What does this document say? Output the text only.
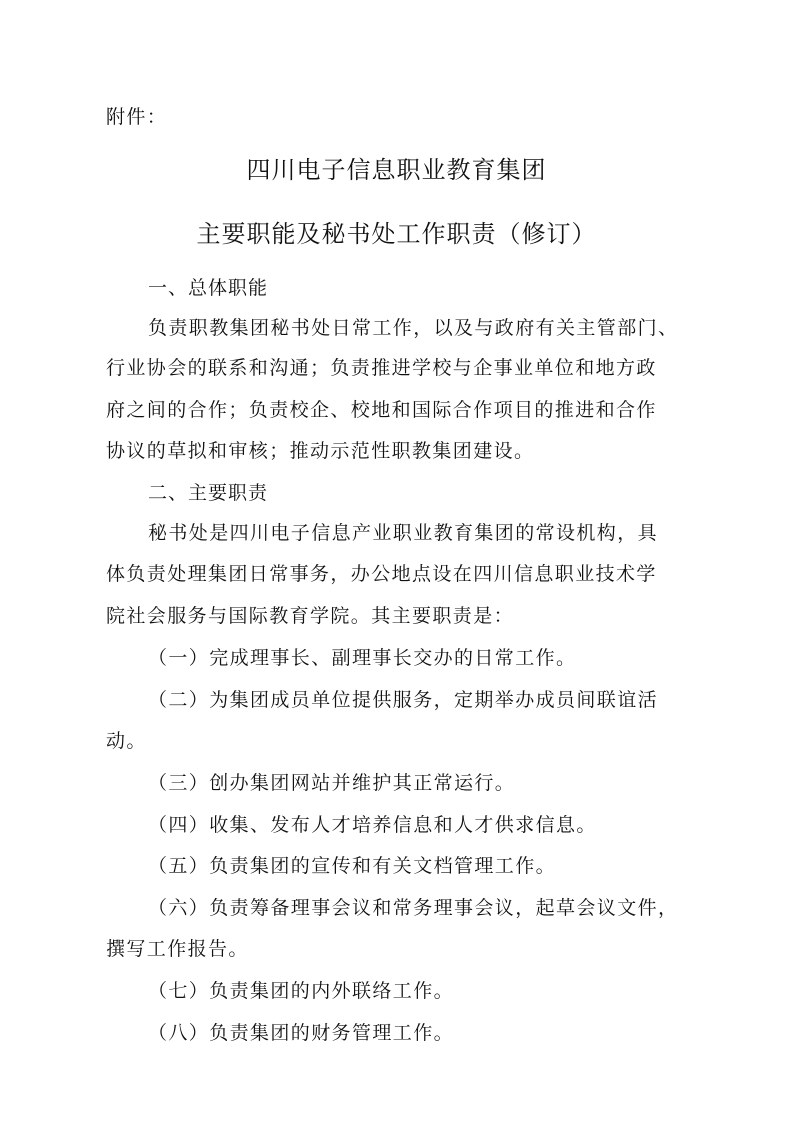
附件：
四川电子信息职业教育集团
主要职能及秘书处工作职责（修订）
一、总体职能
负责职教集团秘书处日常工作，以及与政府有关主管部门、
行业协会的联系和沟通；负责推进学校与企事业单位和地方政
府之间的合作；负责校企、校地和国际合作项目的推进和合作
协议的草拟和审核；推动示范性职教集团建设。
二、主要职责
秘书处是四川电子信息产业职业教育集团的常设机构，具
体负责处理集团日常事务，办公地点设在四川信息职业技术学
院社会服务与国际教育学院。其主要职责是：
（一）完成理事长、副理事长交办的日常工作。
（二）为集团成员单位提供服务，定期举办成员间联谊活
动。
（三）创办集团网站并维护其正常运行。
（四）收集、发布人才培养信息和人才供求信息。
（五）负责集团的宣传和有关文档管理工作。
（六）负责筹备理事会议和常务理事会议，起草会议文件，
撰写工作报告。
（七）负责集团的内外联络工作。
（八）负责集团的财务管理工作。
